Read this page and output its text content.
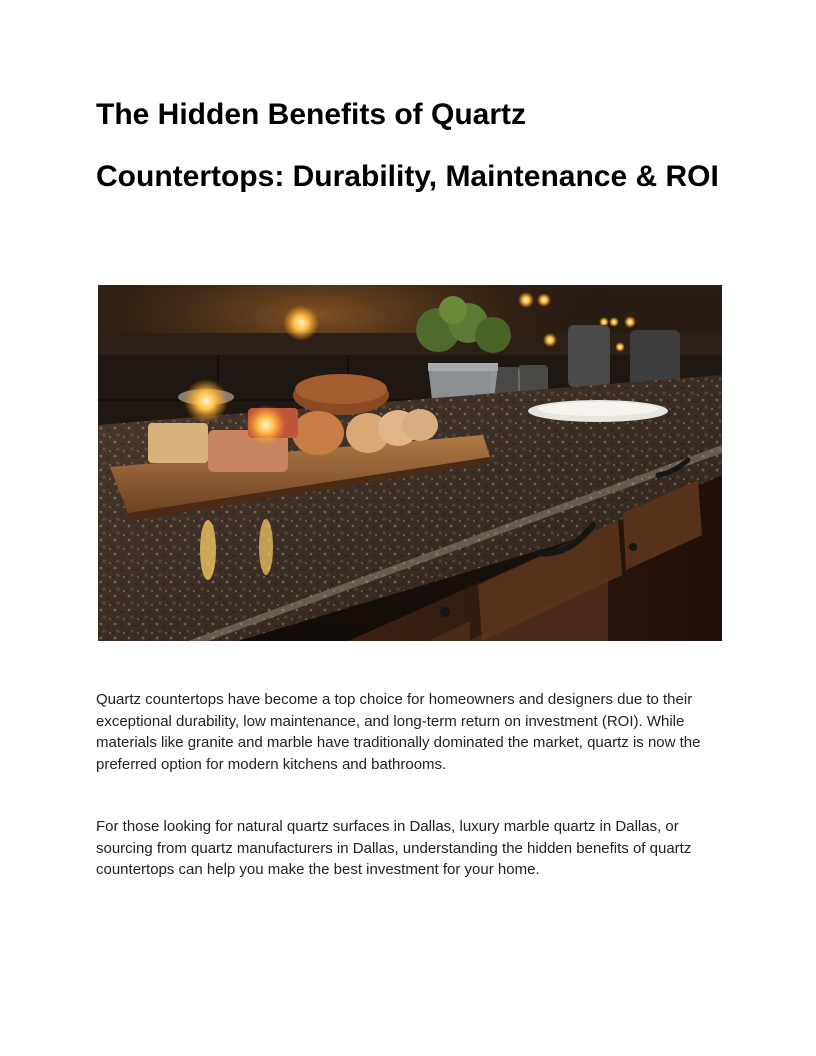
The Hidden Benefits of Quartz Countertops: Durability, Maintenance & ROI

Quartz countertops have become a top choice for homeowners and designers due to their exceptional durability, low maintenance, and long-term return on investment (ROI). While materials like granite and marble have traditionally dominated the market, quartz is now the preferred option for modern kitchens and bathrooms.

For those looking for natural quartz surfaces in Dallas, luxury marble quartz in Dallas, or sourcing from quartz manufacturers in Dallas, understanding the hidden benefits of quartz countertops can help you make the best investment for your home.
